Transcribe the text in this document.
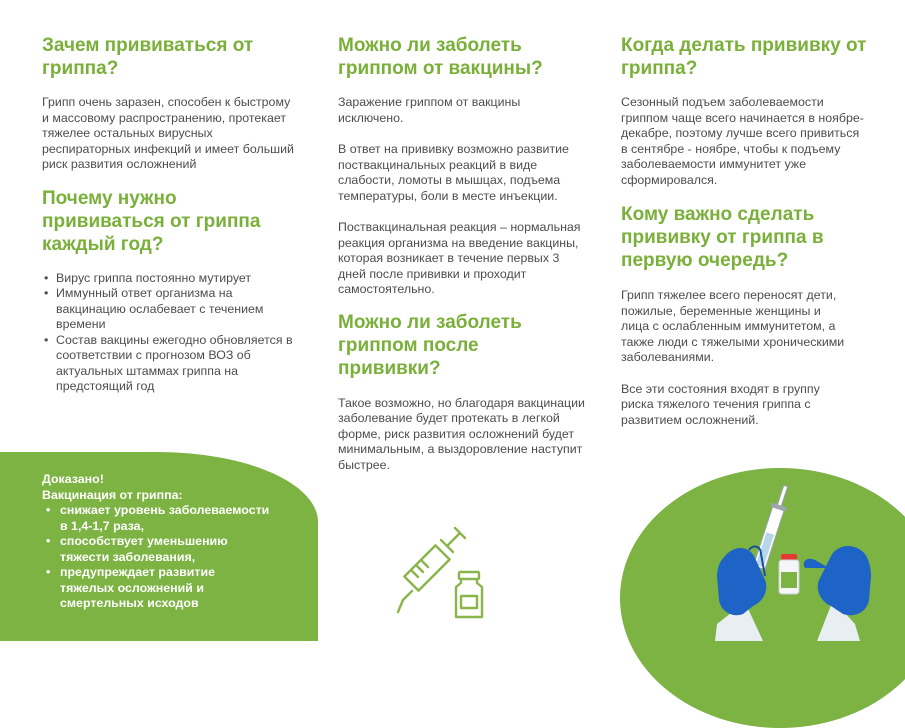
Зачем прививаться от гриппа?

Грипп очень заразен, способен к быстрому и массовому распространению, протекает тяжелее остальных вирусных респираторных инфекций и имеет больший риск развития осложнений

Почему нужно прививаться от гриппа каждый год?
• Вирус гриппа постоянно мутирует
• Иммунный ответ организма на вакцинацию ослабевает с течением времени
• Состав вакцины ежегодно обновляется в соответствии с прогнозом ВОЗ об актуальных штаммах гриппа на предстоящий год
Доказано!
Вакцинация от гриппа:
• снижает уровень заболеваемости в 1,4-1,7 раза,
• способствует уменьшению тяжести заболевания,
• предупреждает развитие тяжелых осложнений и смертельных исходов
Можно ли заболеть гриппом от вакцины?

Заражение гриппом от вакцины исключено.

В ответ на прививку возможно развитие поствакцинальных реакций в виде слабости, ломоты в мышцах, подъема температуры, боли в месте инъекции.

Поствакцинальная реакция – нормальная реакция организма на введение вакцины, которая возникает в течение первых 3 дней после прививки и проходит самостоятельно.

Можно ли заболеть гриппом после прививки?

Такое возможно, но благодаря вакцинации заболевание будет протекать в легкой форме, риск развития осложнений будет минимальным, а выздоровление наступит быстрее.

Когда делать прививку от гриппа?

Сезонный подъем заболеваемости гриппом чаще всего начинается в ноябре-декабре, поэтому лучше всего привиться в сентябре - ноябре, чтобы к подъему заболеваемости иммунитет уже сформировался.

Кому важно сделать прививку от гриппа в первую очередь?

Грипп тяжелее всего переносят дети, пожилые, беременные женщины и лица с ослабленным иммунитетом, а также люди с тяжелыми хроническими заболеваниями.

Все эти состояния входят в группу риска тяжелого течения гриппа с развитием осложнений.
